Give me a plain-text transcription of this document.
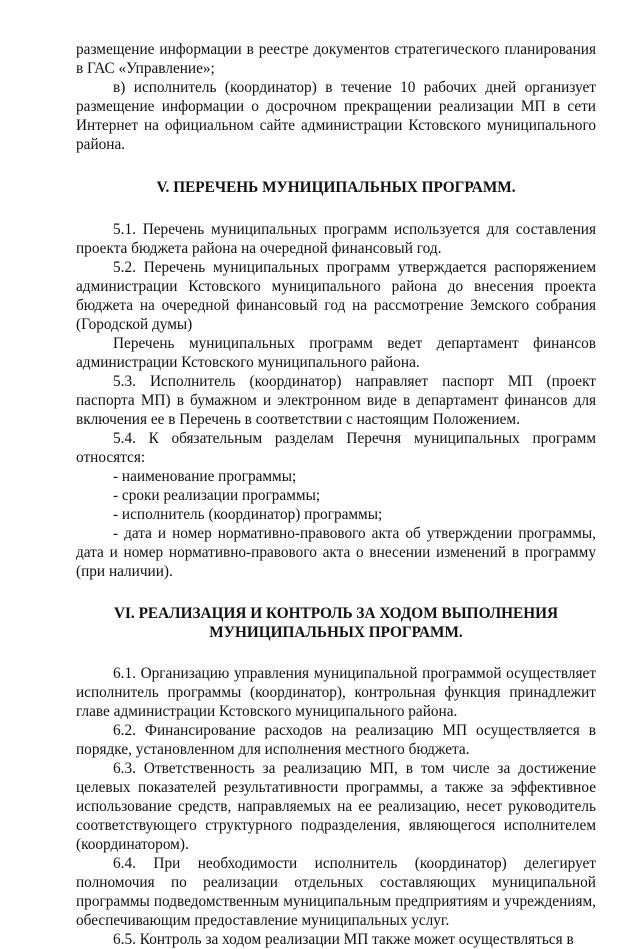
размещение информации в реестре документов стратегического планирования в ГАС «Управление»;

в) исполнитель (координатор) в течение 10 рабочих дней организует размещение информации о досрочном прекращении реализации МП в сети Интернет на официальном сайте администрации Кстовского муниципального района.

V. ПЕРЕЧЕНЬ МУНИЦИПАЛЬНЫХ ПРОГРАММ.

5.1. Перечень муниципальных программ используется для составления проекта бюджета района на очередной финансовый год.

5.2. Перечень муниципальных программ утверждается распоряжением администрации Кстовского муниципального района до внесения проекта бюджета на очередной финансовый год на рассмотрение Земского собрания (Городской думы)

Перечень муниципальных программ ведет департамент финансов администрации Кстовского муниципального района.

5.3. Исполнитель (координатор) направляет паспорт МП (проект паспорта МП) в бумажном и электронном виде в департамент финансов для включения ее в Перечень в соответствии с настоящим Положением.

5.4. К обязательным разделам Перечня муниципальных программ относятся:

- наименование программы;

- сроки реализации программы;

- исполнитель (координатор) программы;

- дата и номер нормативно-правового акта об утверждении программы, дата и номер нормативно-правового акта о внесении изменений в программу (при наличии).

VI. РЕАЛИЗАЦИЯ И КОНТРОЛЬ ЗА ХОДОМ ВЫПОЛНЕНИЯ
МУНИЦИПАЛЬНЫХ ПРОГРАММ.

6.1. Организацию управления муниципальной программой осуществляет исполнитель программы (координатор), контрольная функция принадлежит главе администрации Кстовского муниципального района.

6.2. Финансирование расходов на реализацию МП осуществляется в порядке, установленном для исполнения местного бюджета.

6.3. Ответственность за реализацию МП, в том числе за достижение целевых показателей результативности программы, а также за эффективное использование средств, направляемых на ее реализацию, несет руководитель соответствующего структурного подразделения, являющегося исполнителем (координатором).

6.4. При необходимости исполнитель (координатор) делегирует полномочия по реализации отдельных составляющих муниципальной программы подведомственным муниципальным предприятиям и учреждениям, обеспечивающим предоставление муниципальных услуг.

6.5. Контроль за ходом реализации МП также может осуществляться в
